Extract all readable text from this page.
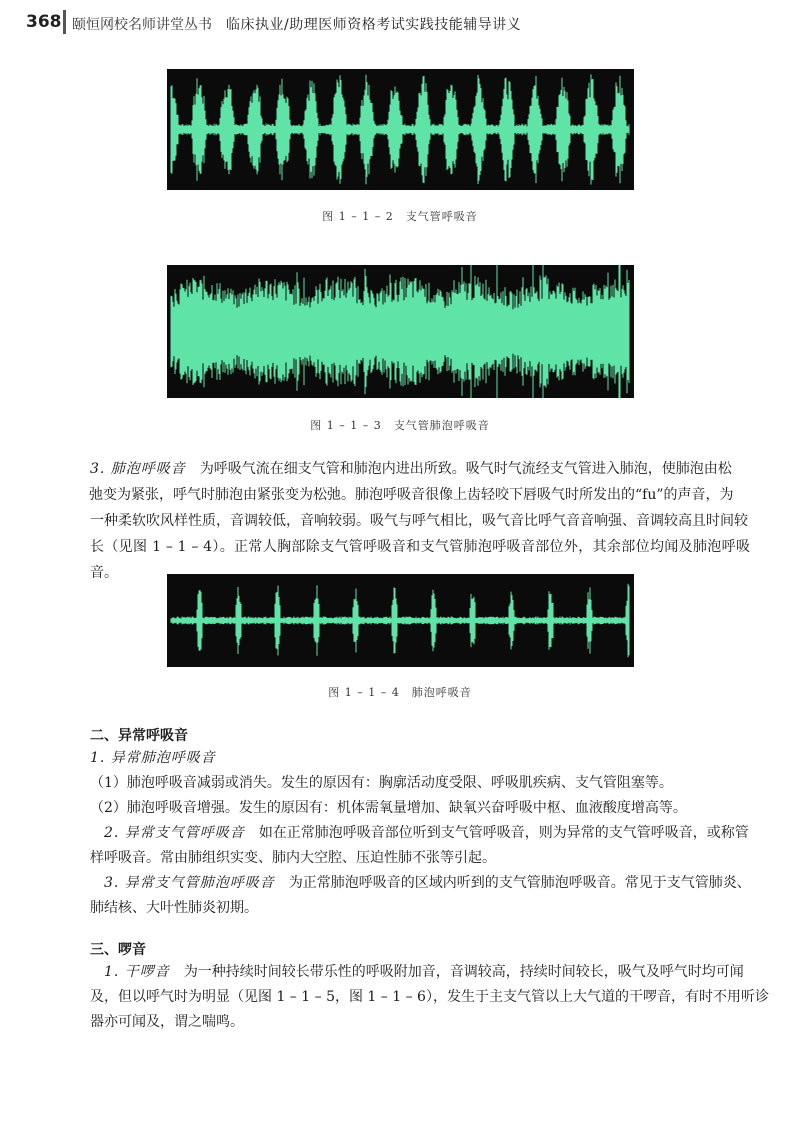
368 颐恒网校名师讲堂丛书 临床执业/助理医师资格考试实践技能辅导讲义
图 1 – 1 – 2　支气管呼吸音
图 1 – 1 – 3　支气管肺泡呼吸音
3. 肺泡呼吸音　 为呼吸气流在细支气管和肺泡内进出所致。吸气时气流经支气管进入肺泡，使肺泡由松
弛变为紧张，呼气时肺泡由紧张变为松弛。肺泡呼吸音很像上齿轻咬下唇吸气时所发出的“fu”的声音，为
一种柔软吹风样性质，音调较低，音响较弱。吸气与呼气相比，吸气音比呼气音音响强、音调较高且时间较
长（见图 1 – 1 – 4）。正常人胸部除支气管呼吸音和支气管肺泡呼吸音部位外，其余部位均闻及肺泡呼吸音。
图 1 – 1 – 4　肺泡呼吸音
二、异常呼吸音
1. 异常肺泡呼吸音
（1）肺泡呼吸音减弱或消失。发生的原因有：胸廓活动度受限、呼吸肌疾病、支气管阻塞等。
（2）肺泡呼吸音增强。发生的原因有：机体需氧量增加、缺氧兴奋呼吸中枢、血液酸度增高等。
　2. 异常支气管呼吸音　 如在正常肺泡呼吸音部位听到支气管呼吸音，则为异常的支气管呼吸音，或称管
样呼吸音。常由肺组织实变、肺内大空腔、压迫性肺不张等引起。
　3. 异常支气管肺泡呼吸音　 为正常肺泡呼吸音的区域内听到的支气管肺泡呼吸音。常见于支气管肺炎、
肺结核、大叶性肺炎初期。
三、啰音
　1. 干啰音　 为一种持续时间较长带乐性的呼吸附加音，音调较高，持续时间较长，吸气及呼气时均可闻
及，但以呼气时为明显（见图 1 – 1 – 5，图 1 – 1 – 6），发生于主支气管以上大气道的干啰音，有时不用听诊
器亦可闻及，谓之喘鸣。
